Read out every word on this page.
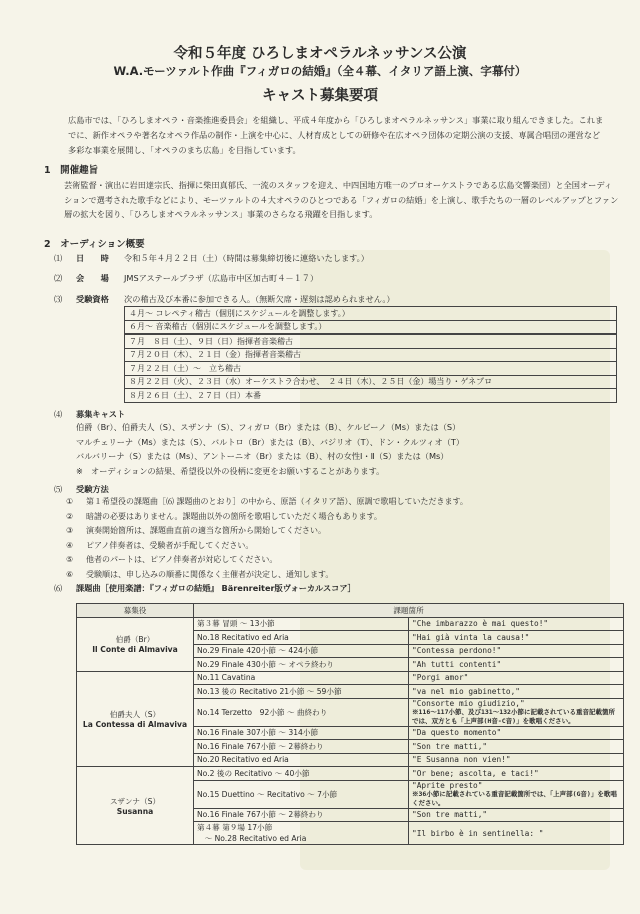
令和５年度 ひろしまオペラルネッサンス公演
W.A.モーツァルト作曲『フィガロの結婚』（全４幕、イタリア語上演、字幕付）
キャスト募集要項
広島市では、「ひろしまオペラ・音楽推進委員会」を組織し、平成４年度から「ひろしまオペラルネッサンス」事業に取り組んできました。これまでに、新作オペラや著名なオペラ作品の制作・上演を中心に、人材育成としての研修や在広オペラ団体の定期公演の支援、専属合唱団の運営など多彩な事業を展開し、「オペラのまち広島」を目指しています。
1　開催趣旨
芸術監督・演出に岩田達宗氏、指揮に柴田真郁氏、一流のスタッフを迎え、中四国地方唯一のプロオーケストラである広島交響楽団）と全国オーディションで選考された歌手などにより、モーツァルトの４大オペラのひとつである「フィガロの結婚」を上演し、歌手たちの一層のレベルアップとファン層の拡大を図り、「ひろしまオペラルネッサンス」事業のさらなる飛躍を目指します。
2　オーディション概要
⑴ 日　　時 令和５年４月２２日（土）（時間は募集締切後に連絡いたします。）
⑵ 会　　場 JMSアステールプラザ（広島市中区加古町４－１７）
⑶ 受験資格 次の稽古及び本番に参加できる人。（無断欠席・遅刻は認められません。）
４月～ コレペティ稽古（個別にスケジュールを調整します。）
６月～ 音楽稽古（個別にスケジュールを調整します。）
７月　８日（土）、９日（日）指揮者音楽稽古
７月２０日（木）、２１日（金）指揮者音楽稽古
７月２２日（土）～　立ち稽古
８月２２日（火）、２３日（水）オーケストラ合わせ、　２４日（木）、２５日（金）場当り・ゲネプロ
８月２６日（土）、２７日（日）本番
⑷ 募集キャスト
伯爵（Br）、伯爵夫人（S）、スザンナ（S）、フィガロ（Br）または（B）、ケルビーノ（Ms）または（S）
マルチェリーナ（Ms）または（S）、バルトロ（Br）または（B）、バジリオ（T）、ドン・クルツィオ（T）
バルバリーナ（S）または（Ms）、アントーニオ（Br）または（B）、村の女性Ⅰ・Ⅱ（S）または（Ms）
※　オーディションの結果、希望役以外の役柄に変更をお願いすることがあります。
⑸ 受験方法
①	第１希望役の課題曲［⑹ 課題曲のとおり］の中から、原語（イタリア語）、原調で歌唱していただきます。
②	暗譜の必要はありません。課題曲以外の箇所を歌唱していただく場合もあります。
③	演奏開始箇所は、課題曲直前の適当な箇所から開始してください。
④	ピアノ伴奏者は、受験者が手配してください。
⑤	他者のパートは、ピアノ伴奏者が対応してください。
⑥	受験順は、申し込みの順番に関係なく主催者が決定し、通知します。
⑹ 課題曲［使用楽譜：『フィガロの結婚』 Bärenreiter版ヴォーカルスコア］
募集役	課題箇所	
伯爵（Br）
Il Conte di Almaviva	第３幕 冒頭 ～ 13小節	"Che imbarazzo è mai questo!"
	No.18 Recitativo ed Aria	"Hai già vinta la causa!"
	No.29 Finale 420小節 ～ 424小節	"Contessa perdono!"
	No.29 Finale 430小節 ～ オペラ終わり	"Ah tutti contenti"
伯爵夫人（S）
La Contessa di Almaviva	No.11 Cavatina	"Porgi amor"
	No.13 後の Recitativo 21小節 ～ 59小節	"va nel mio gabinetto,"
	No.14 Terzetto　92小節 ～ 曲終わり	"Consorte mio giudizio,"
※116～117小節、及び131～132小節に記載されている重音記載箇所では、双方とも「上声部(H音-C音)」を歌唱ください。

	No.16 Finale 307小節 ～ 314小節	"Da questo momento"
	No.16 Finale 767小節 ～ 2幕終わり	"Son tre matti,"
	No.20 Recitativo ed Aria	"E Susanna non vien!"
スザンナ（S）
Susanna	No.2 後の Recitativo ～ 40小節	"Or bene; ascolta, e taci!"
	No.15 Duettino ～ Recitativo ～ 7小節	"Aprite presto"
※36小節に記載されている重音記載箇所では、「上声部(G音)」を歌唱ください。

	No.16 Finale 767小節 ～ 2幕終わり	"Son tre matti,"
	第４幕 第９場 17小節
　～ No.28 Recitativo ed Aria	"Il birbo è in sentinella: "
